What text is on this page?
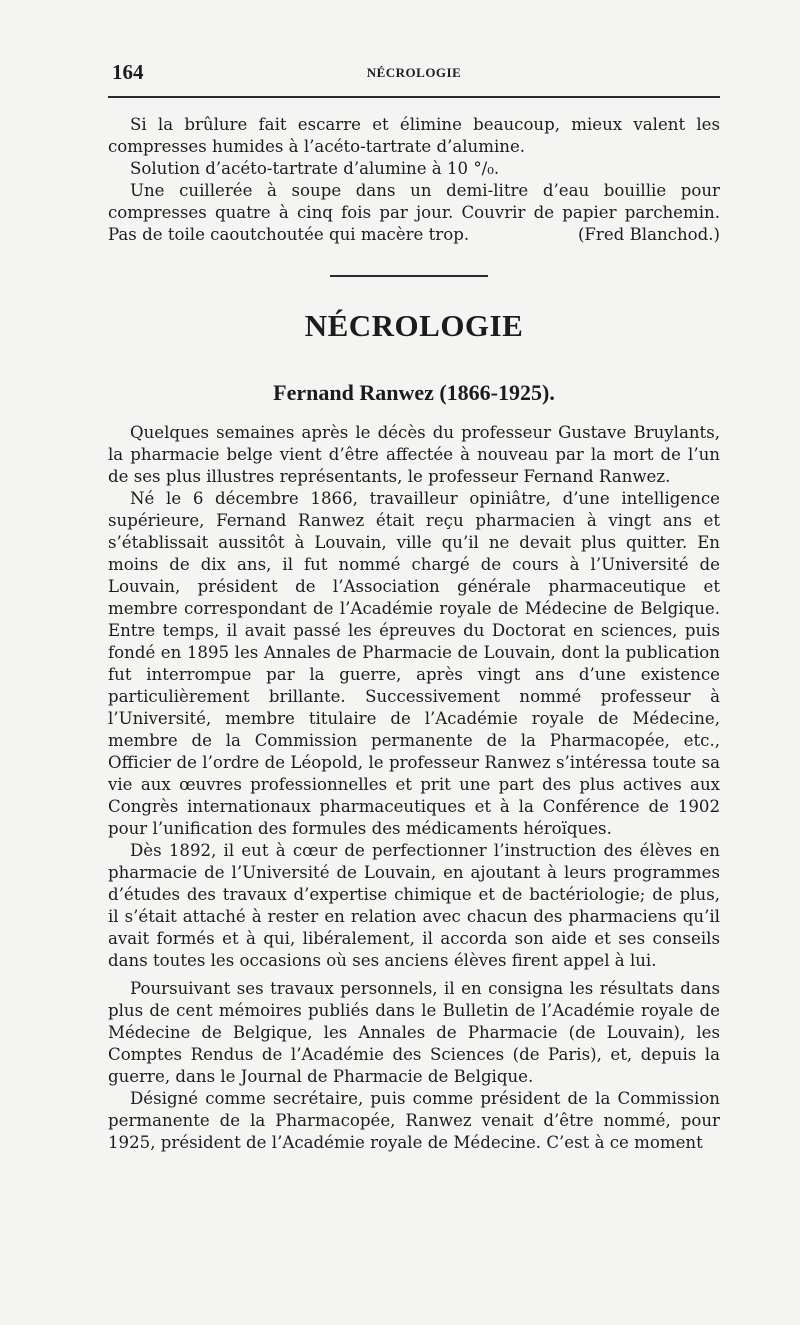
164	NÉCROLOGIE

Si la brûlure fait escarre et élimine beaucoup, mieux valent les compresses humides à l’acéto-tartrate d’alumine.

Solution d’acéto-tartrate d’alumine à 10 °/₀.

Une cuillerée à soupe dans un demi-litre d’eau bouillie pour compresses quatre à cinq fois par jour. Couvrir de papier parchemin. Pas de toile caoutchoutée qui macère trop.	(Fred Blanchod.)

NÉCROLOGIE
Fernand Ranwez (1866-1925).

Quelques semaines après le décès du professeur Gustave Bruylants, la pharmacie belge vient d’être affectée à nouveau par la mort de l’un de ses plus illustres représentants, le professeur Fernand Ranwez.

Né le 6 décembre 1866, travailleur opiniâtre, d’une intelligence supérieure, Fernand Ranwez était reçu pharmacien à vingt ans et s’établissait aussitôt à Louvain, ville qu’il ne devait plus quitter. En moins de dix ans, il fut nommé chargé de cours à l’Université de Louvain, président de l’Association générale pharmaceutique et membre correspondant de l’Académie royale de Médecine de Belgique. Entre temps, il avait passé les épreuves du Doctorat en sciences, puis fondé en 1895 les Annales de Pharmacie de Louvain, dont la publication fut interrompue par la guerre, après vingt ans d’une existence particulièrement brillante. Successivement nommé professeur à l’Université, membre titulaire de l’Académie royale de Médecine, membre de la Commission permanente de la Pharmacopée, etc., Officier de l’ordre de Léopold, le professeur Ranwez s’intéressa toute sa vie aux œuvres professionnelles et prit une part des plus actives aux Congrès internationaux pharmaceutiques et à la Conférence de 1902 pour l’unification des formules des médicaments héroïques.

Dès 1892, il eut à cœur de perfectionner l’instruction des élèves en pharmacie de l’Université de Louvain, en ajoutant à leurs programmes d’études des travaux d’expertise chimique et de bactériologie; de plus, il s’était attaché à rester en relation avec chacun des pharmaciens qu’il avait formés et à qui, libéralement, il accorda son aide et ses conseils dans toutes les occasions où ses anciens élèves firent appel à lui.

Poursuivant ses travaux personnels, il en consigna les résultats dans plus de cent mémoires publiés dans le Bulletin de l’Académie royale de Médecine de Belgique, les Annales de Pharmacie (de Louvain), les Comptes Rendus de l’Académie des Sciences (de Paris), et, depuis la guerre, dans le Journal de Pharmacie de Belgique.

Désigné comme secrétaire, puis comme président de la Commission permanente de la Pharmacopée, Ranwez venait d’être nommé, pour 1925, président de l’Académie royale de Médecine. C’est à ce moment
